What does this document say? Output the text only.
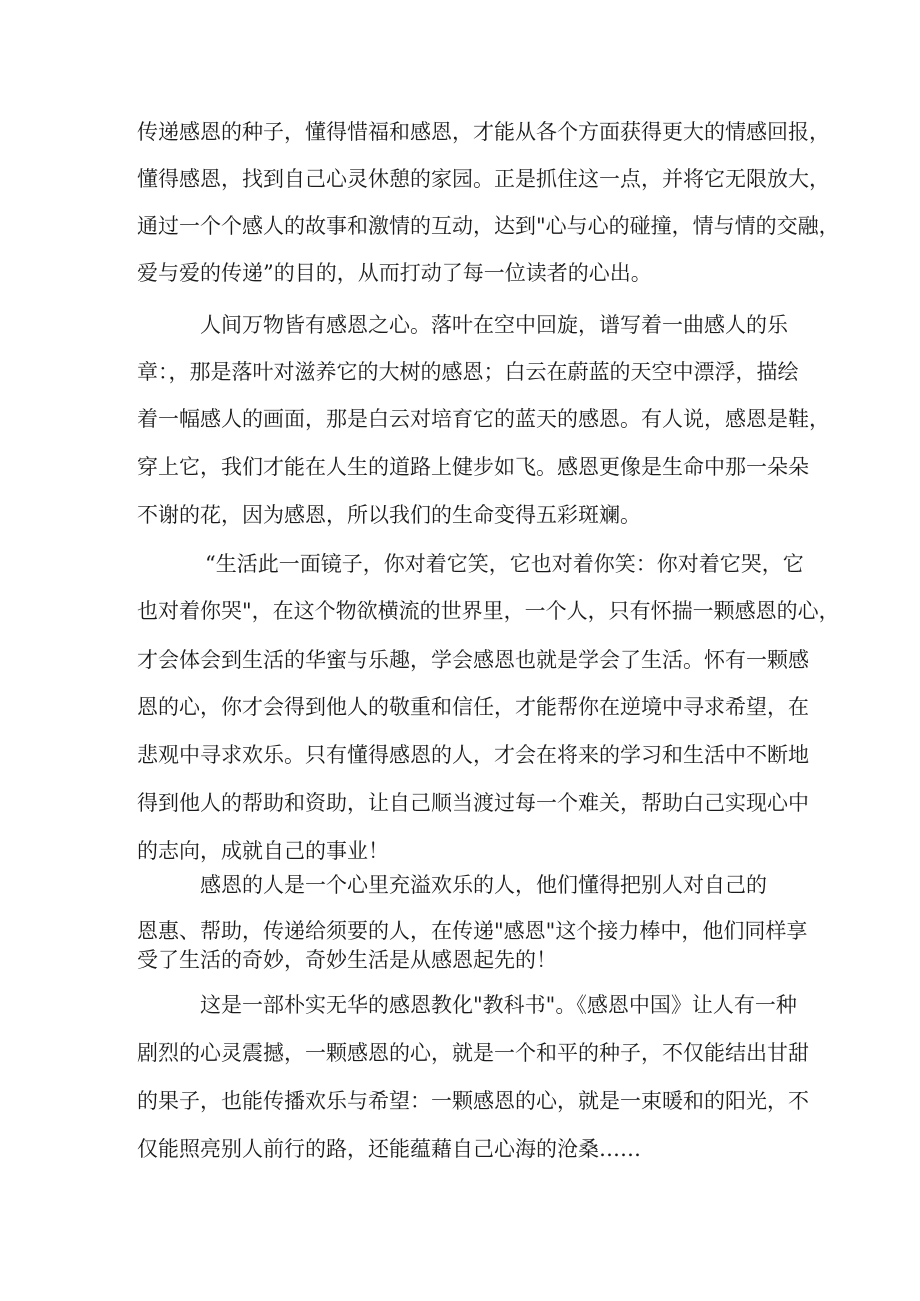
传递感恩的种子，懂得惜福和感恩，才能从各个方面获得更大的情感回报，
懂得感恩，找到自己心灵休憩的家园。正是抓住这一点，并将它无限放大，
通过一个个感人的故事和激情的互动，达到"心与心的碰撞，情与情的交融，
爱与爱的传递”的目的，从而打动了每一位读者的心出。
人间万物皆有感恩之心。落叶在空中回旋，谱写着一曲感人的乐
章：，那是落叶对滋养它的大树的感恩；白云在蔚蓝的天空中漂浮，描绘
着一幅感人的画面，那是白云对培育它的蓝天的感恩。有人说，感恩是鞋，
穿上它，我们才能在人生的道路上健步如飞。感恩更像是生命中那一朵朵
不谢的花，因为感恩，所以我们的生命变得五彩斑斓。
“生活此一面镜子，你对着它笑，它也对着你笑：你对着它哭，它
也对着你哭"，在这个物欲横流的世界里，一个人，只有怀揣一颗感恩的心，
才会体会到生活的华蜜与乐趣，学会感恩也就是学会了生活。怀有一颗感
恩的心，你才会得到他人的敬重和信任，才能帮你在逆境中寻求希望，在
悲观中寻求欢乐。只有懂得感恩的人，才会在将来的学习和生活中不断地
得到他人的帮助和资助，让自己顺当渡过每一个难关，帮助白己实现心中
的志向，成就自己的事业！
感恩的人是一个心里充溢欢乐的人，他们懂得把别人对自己的
恩惠、帮助，传递给须要的人，在传递"感恩"这个接力棒中，他们同样享
受了生活的奇妙，奇妙生活是从感恩起先的！
这是一部朴实无华的感恩教化"教科书"。《感恩中国》让人有一种
剧烈的心灵震撼，一颗感恩的心，就是一个和平的种子，不仅能结出甘甜
的果子，也能传播欢乐与希望：一颗感恩的心，就是一束暖和的阳光，不
仅能照亮别人前行的路，还能蕴藉自己心海的沧桑……
